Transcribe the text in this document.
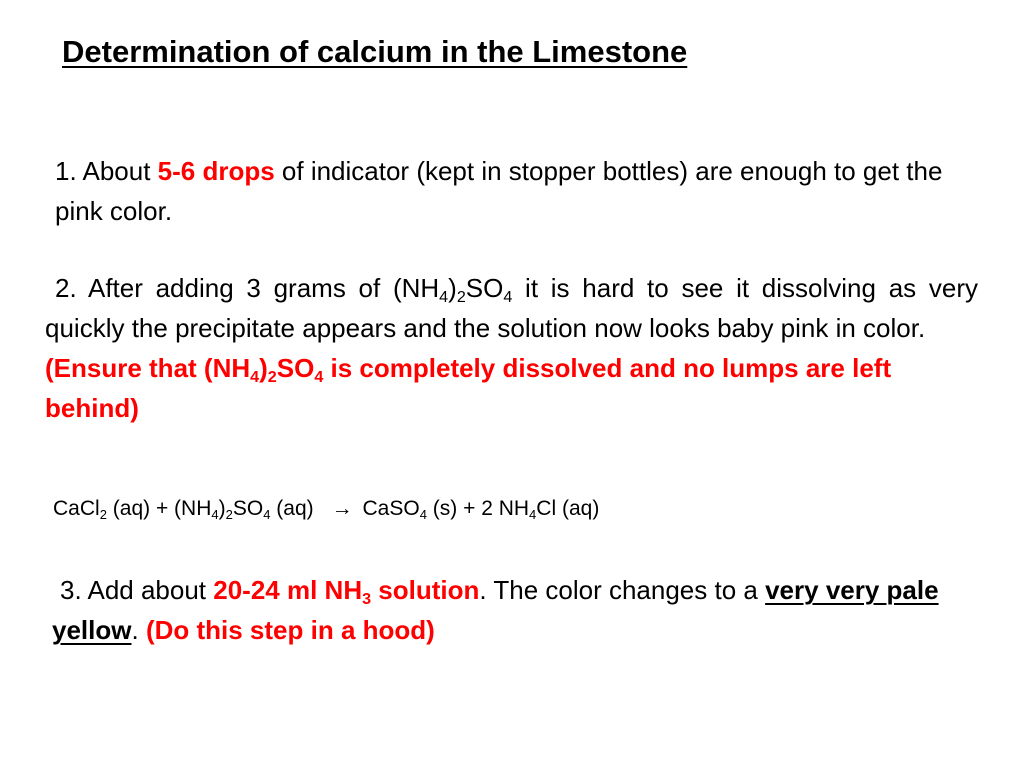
Determination of calcium in the Limestone
1. About 5-6 drops of indicator (kept in stopper bottles) are enough to get the pink color.
2. After adding 3 grams of $(NH_4)_2SO_4$ it is hard to see it dissolving as very quickly the precipitate appears and the solution now looks baby pink in color.
(Ensure that $(NH_4)_2SO_4$ is completely dissolved and no lumps are left behind)
CaCl$_2$ $(aq) + (NH_4)_2SO_4$ (aq) → CaSO$_4$ (s) + 2 $NH_4Cl$ (aq)
3. Add about 20-24 ml $NH_3$ solution. The color changes to a very very pale yellow. (Do this step in a hood)
